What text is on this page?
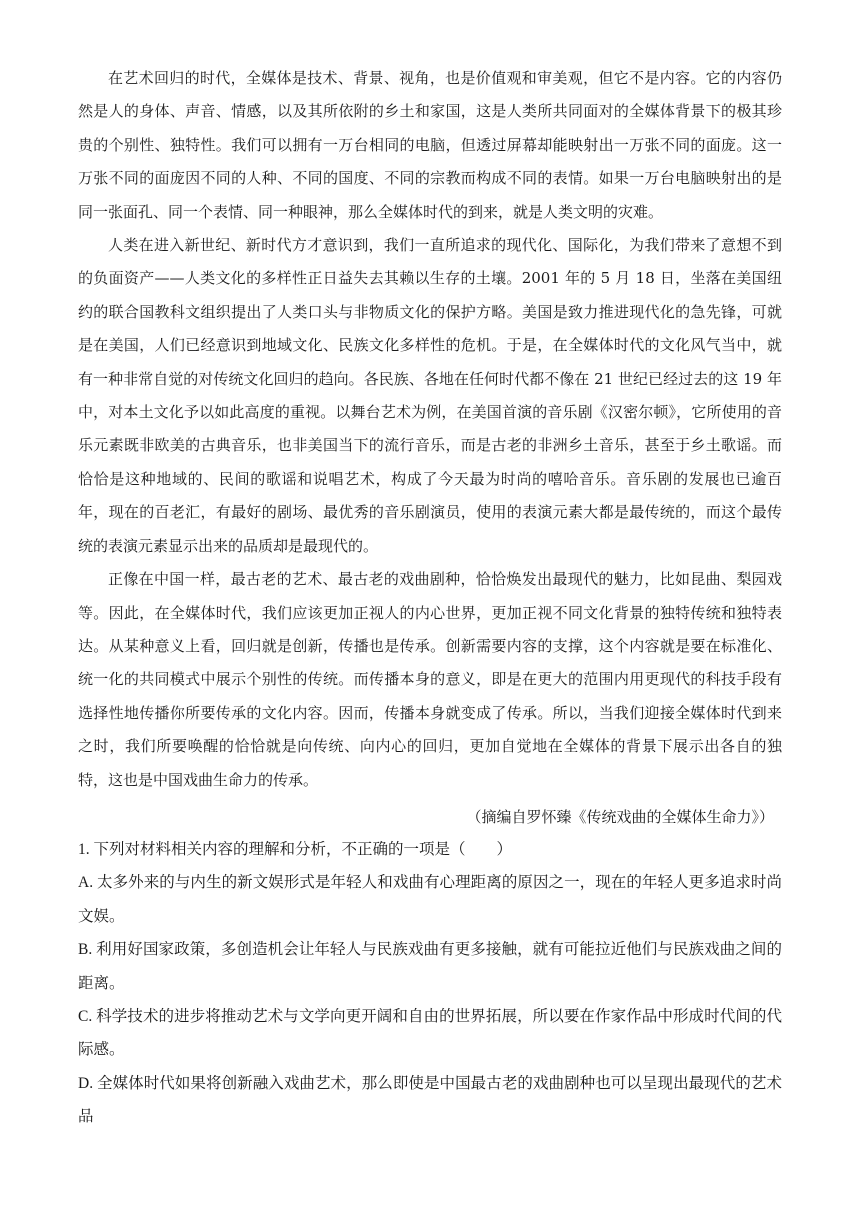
在艺术回归的时代，全媒体是技术、背景、视角，也是价值观和审美观，但它不是内容。它的内容仍然是人的身体、声音、情感，以及其所依附的乡土和家国，这是人类所共同面对的全媒体背景下的极其珍贵的个别性、独特性。我们可以拥有一万台相同的电脑，但透过屏幕却能映射出一万张不同的面庞。这一万张不同的面庞因不同的人种、不同的国度、不同的宗教而构成不同的表情。如果一万台电脑映射出的是同一张面孔、同一个表情、同一种眼神，那么全媒体时代的到来，就是人类文明的灾难。

人类在进入新世纪、新时代方才意识到，我们一直所追求的现代化、国际化，为我们带来了意想不到的负面资产——人类文化的多样性正日益失去其赖以生存的土壤。2001 年的 5 月 18 日，坐落在美国纽约的联合国教科文组织提出了人类口头与非物质文化的保护方略。美国是致力推进现代化的急先锋，可就是在美国，人们已经意识到地域文化、民族文化多样性的危机。于是，在全媒体时代的文化风气当中，就有一种非常自觉的对传统文化回归的趋向。各民族、各地在任何时代都不像在 21 世纪已经过去的这 19 年中，对本土文化予以如此高度的重视。以舞台艺术为例，在美国首演的音乐剧《汉密尔顿》，它所使用的音乐元素既非欧美的古典音乐，也非美国当下的流行音乐，而是古老的非洲乡土音乐，甚至于乡土歌谣。而恰恰是这种地域的、民间的歌谣和说唱艺术，构成了今天最为时尚的嘻哈音乐。音乐剧的发展也已逾百年，现在的百老汇，有最好的剧场、最优秀的音乐剧演员，使用的表演元素大都是最传统的，而这个最传统的表演元素显示出来的品质却是最现代的。

正像在中国一样，最古老的艺术、最古老的戏曲剧种，恰恰焕发出最现代的魅力，比如昆曲、梨园戏等。因此，在全媒体时代，我们应该更加正视人的内心世界，更加正视不同文化背景的独特传统和独特表达。从某种意义上看，回归就是创新，传播也是传承。创新需要内容的支撑，这个内容就是要在标准化、统一化的共同模式中展示个别性的传统。而传播本身的意义，即是在更大的范围内用更现代的科技手段有选择性地传播你所要传承的文化内容。因而，传播本身就变成了传承。所以，当我们迎接全媒体时代到来之时，我们所要唤醒的恰恰就是向传统、向内心的回归，更加自觉地在全媒体的背景下展示出各自的独特，这也是中国戏曲生命力的传承。

（摘编自罗怀臻《传统戏曲的全媒体生命力》）

1. 下列对材料相关内容的理解和分析，不正确的一项是（　　）

A. 太多外来的与内生的新文娱形式是年轻人和戏曲有心理距离的原因之一，现在的年轻人更多追求时尚文娱。

B. 利用好国家政策，多创造机会让年轻人与民族戏曲有更多接触，就有可能拉近他们与民族戏曲之间的距离。

C. 科学技术的进步将推动艺术与文学向更开阔和自由的世界拓展，所以要在作家作品中形成时代间的代际感。

D. 全媒体时代如果将创新融入戏曲艺术，那么即使是中国最古老的戏曲剧种也可以呈现出最现代的艺术品
